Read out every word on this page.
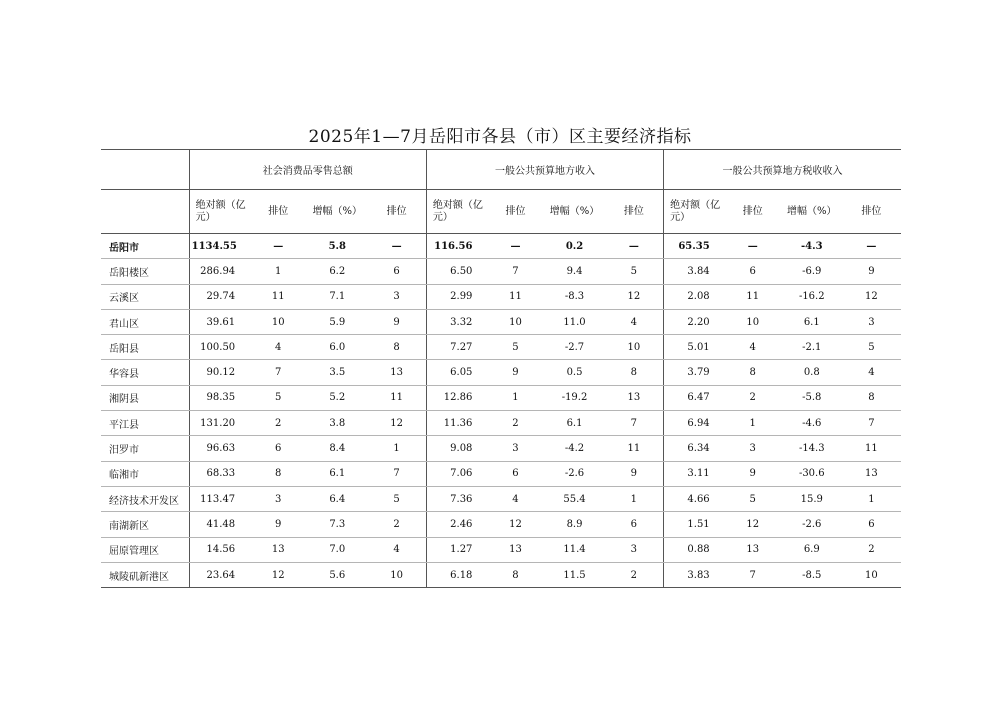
2025年1—7月岳阳市各县（市）区主要经济指标
	社会消费品零售总额				一般公共预算地方收入				一般公共预算地方税收收入			
	绝对额（亿元）	排位	增幅（%）	排位	绝对额（亿元）	排位	增幅（%）	排位	绝对额（亿元）	排位	增幅（%）	排位
岳阳市	1134.55	—	5.8	—	116.56	—	0.2	—	65.35	—	-4.3	—
岳阳楼区	286.94	1	6.2	6	6.50	7	9.4	5	3.84	6	-6.9	9
云溪区	29.74	11	7.1	3	2.99	11	-8.3	12	2.08	11	-16.2	12
君山区	39.61	10	5.9	9	3.32	10	11.0	4	2.20	10	6.1	3
岳阳县	100.50	4	6.0	8	7.27	5	-2.7	10	5.01	4	-2.1	5
华容县	90.12	7	3.5	13	6.05	9	0.5	8	3.79	8	0.8	4
湘阴县	98.35	5	5.2	11	12.86	1	-19.2	13	6.47	2	-5.8	8
平江县	131.20	2	3.8	12	11.36	2	6.1	7	6.94	1	-4.6	7
汨罗市	96.63	6	8.4	1	9.08	3	-4.2	11	6.34	3	-14.3	11
临湘市	68.33	8	6.1	7	7.06	6	-2.6	9	3.11	9	-30.6	13
经济技术开发区	113.47	3	6.4	5	7.36	4	55.4	1	4.66	5	15.9	1
南湖新区	41.48	9	7.3	2	2.46	12	8.9	6	1.51	12	-2.6	6
屈原管理区	14.56	13	7.0	4	1.27	13	11.4	3	0.88	13	6.9	2
城陵矶新港区	23.64	12	5.6	10	6.18	8	11.5	2	3.83	7	-8.5	10
